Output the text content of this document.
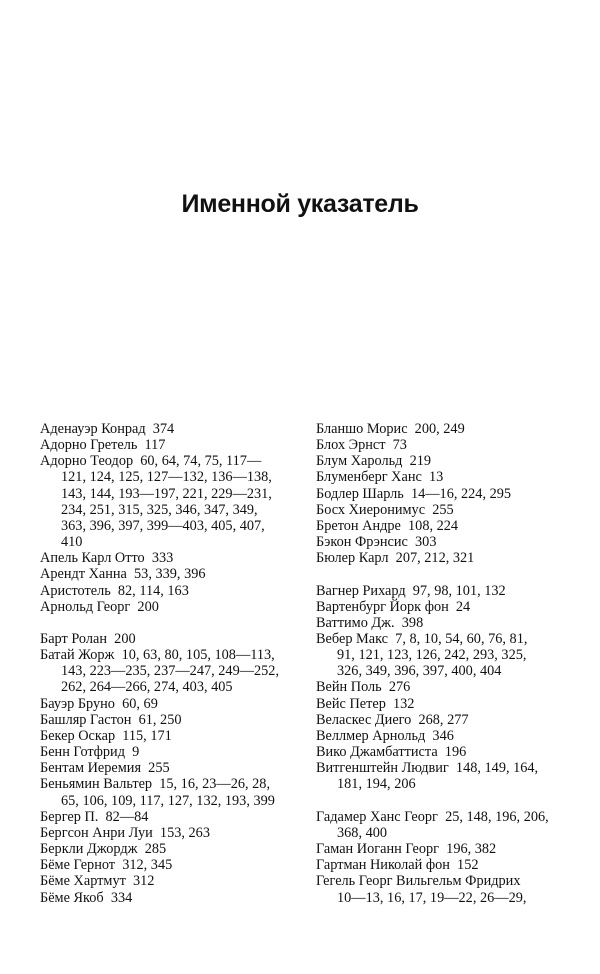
Именной указатель
Аденауэр Конрад  374
Адорно Гретель  117
Адорно Теодор  60, 64, 74, 75, 117—
121, 124, 125, 127—132, 136—138,
143, 144, 193—197, 221, 229—231,
234, 251, 315, 325, 346, 347, 349,
363, 396, 397, 399—403, 405, 407,
410
Апель Карл Отто  333
Арендт Ханна  53, 339, 396
Аристотель  82, 114, 163
Арнольд Георг  200
Барт Ролан  200
Батай Жорж  10, 63, 80, 105, 108—113,
143, 223—235, 237—247, 249—252,
262, 264—266, 274, 403, 405
Бауэр Бруно  60, 69
Башляр Гастон  61, 250
Бекер Оскар  115, 171
Бенн Готфрид  9
Бентам Иеремия  255
Беньямин Вальтер  15, 16, 23—26, 28,
65, 106, 109, 117, 127, 132, 193, 399
Бергер П.  82—84
Бергсон Анри Луи  153, 263
Беркли Джордж  285
Бёме Гернот  312, 345
Бёме Хартмут  312
Бёме Якоб  334
Бланшо Морис  200, 249
Блох Эрнст  73
Блум Харольд  219
Блуменберг Ханс  13
Бодлер Шарль  14—16, 224, 295
Босх Хиеронимус  255
Бретон Андре  108, 224
Бэкон Фрэнсис  303
Бюлер Карл  207, 212, 321
Вагнер Рихард  97, 98, 101, 132
Вартенбург Йорк фон  24
Ваттимо Дж.  398
Вебер Макс  7, 8, 10, 54, 60, 76, 81,
91, 121, 123, 126, 242, 293, 325,
326, 349, 396, 397, 400, 404
Вейн Поль  276
Вейс Петер  132
Веласкес Диего  268, 277
Веллмер Арнольд  346
Вико Джамбаттиста  196
Витгенштейн Людвиг  148, 149, 164,
181, 194, 206
Гадамер Ханс Георг  25, 148, 196, 206,
368, 400
Гаман Иоганн Георг  196, 382
Гартман Николай фон  152
Гегель Георг Вильгельм Фридрих
10—13, 16, 17, 19—22, 26—29,
